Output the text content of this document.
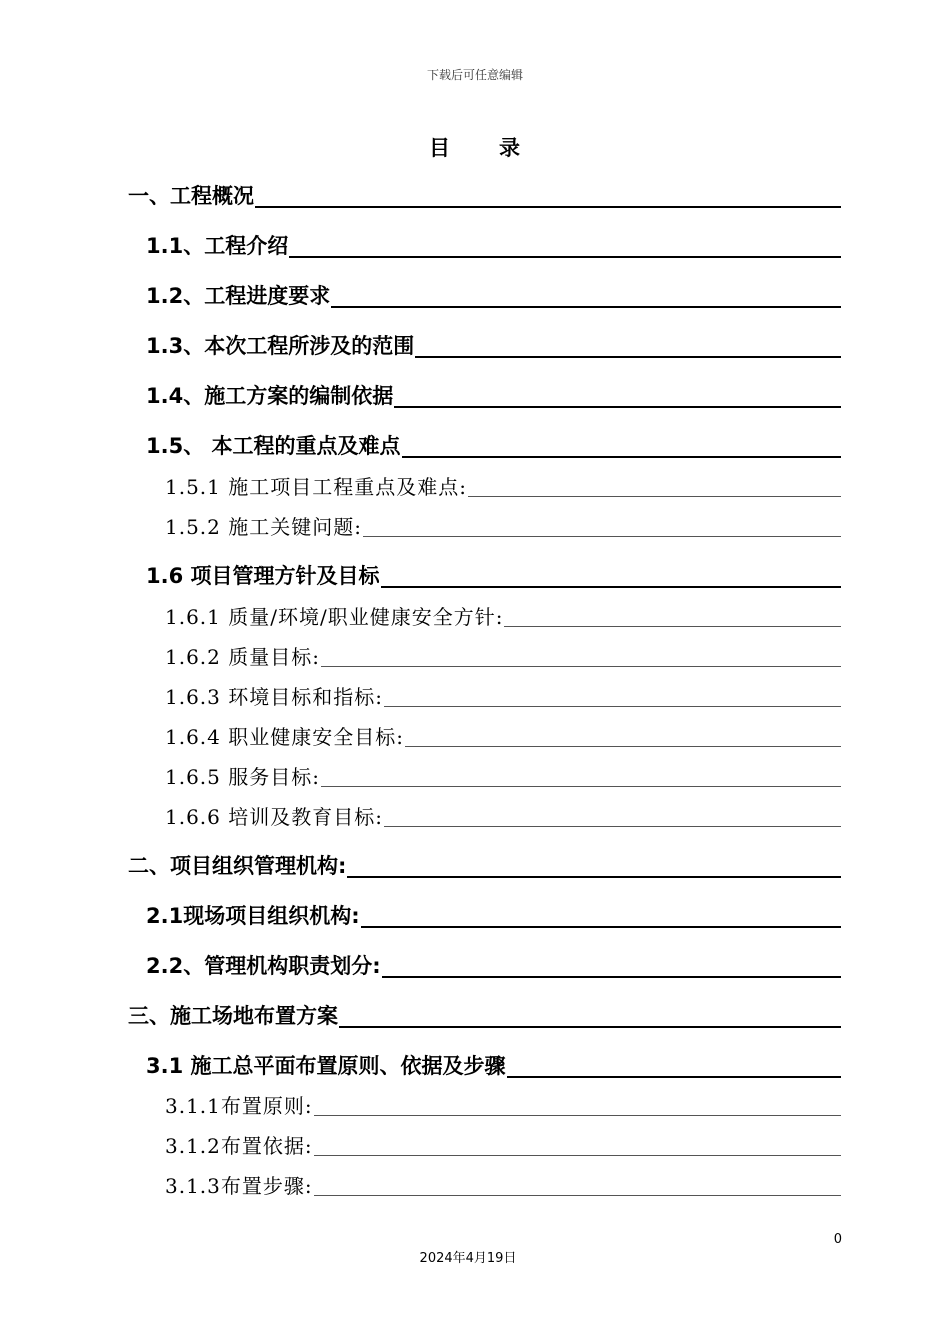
下载后可任意编辑
目 录
一、工程概况
1.1、工程介绍
1.2、工程进度要求
1.3、本次工程所涉及的范围
1.4、施工方案的编制依据
1.5、 本工程的重点及难点
1.5.1 施工项目工程重点及难点:
1.5.2 施工关键问题:
1.6 项目管理方针及目标
1.6.1 质量/环境/职业健康安全方针:
1.6.2 质量目标:
1.6.3 环境目标和指标:
1.6.4 职业健康安全目标:
1.6.5 服务目标:
1.6.6 培训及教育目标:
二、项目组织管理机构:
2.1现场项目组织机构:
2.2、管理机构职责划分:
三、施工场地布置方案
3.1 施工总平面布置原则、依据及步骤
3.1.1布置原则:
3.1.2布置依据:
3.1.3布置步骤:
0
2024年4月19日
